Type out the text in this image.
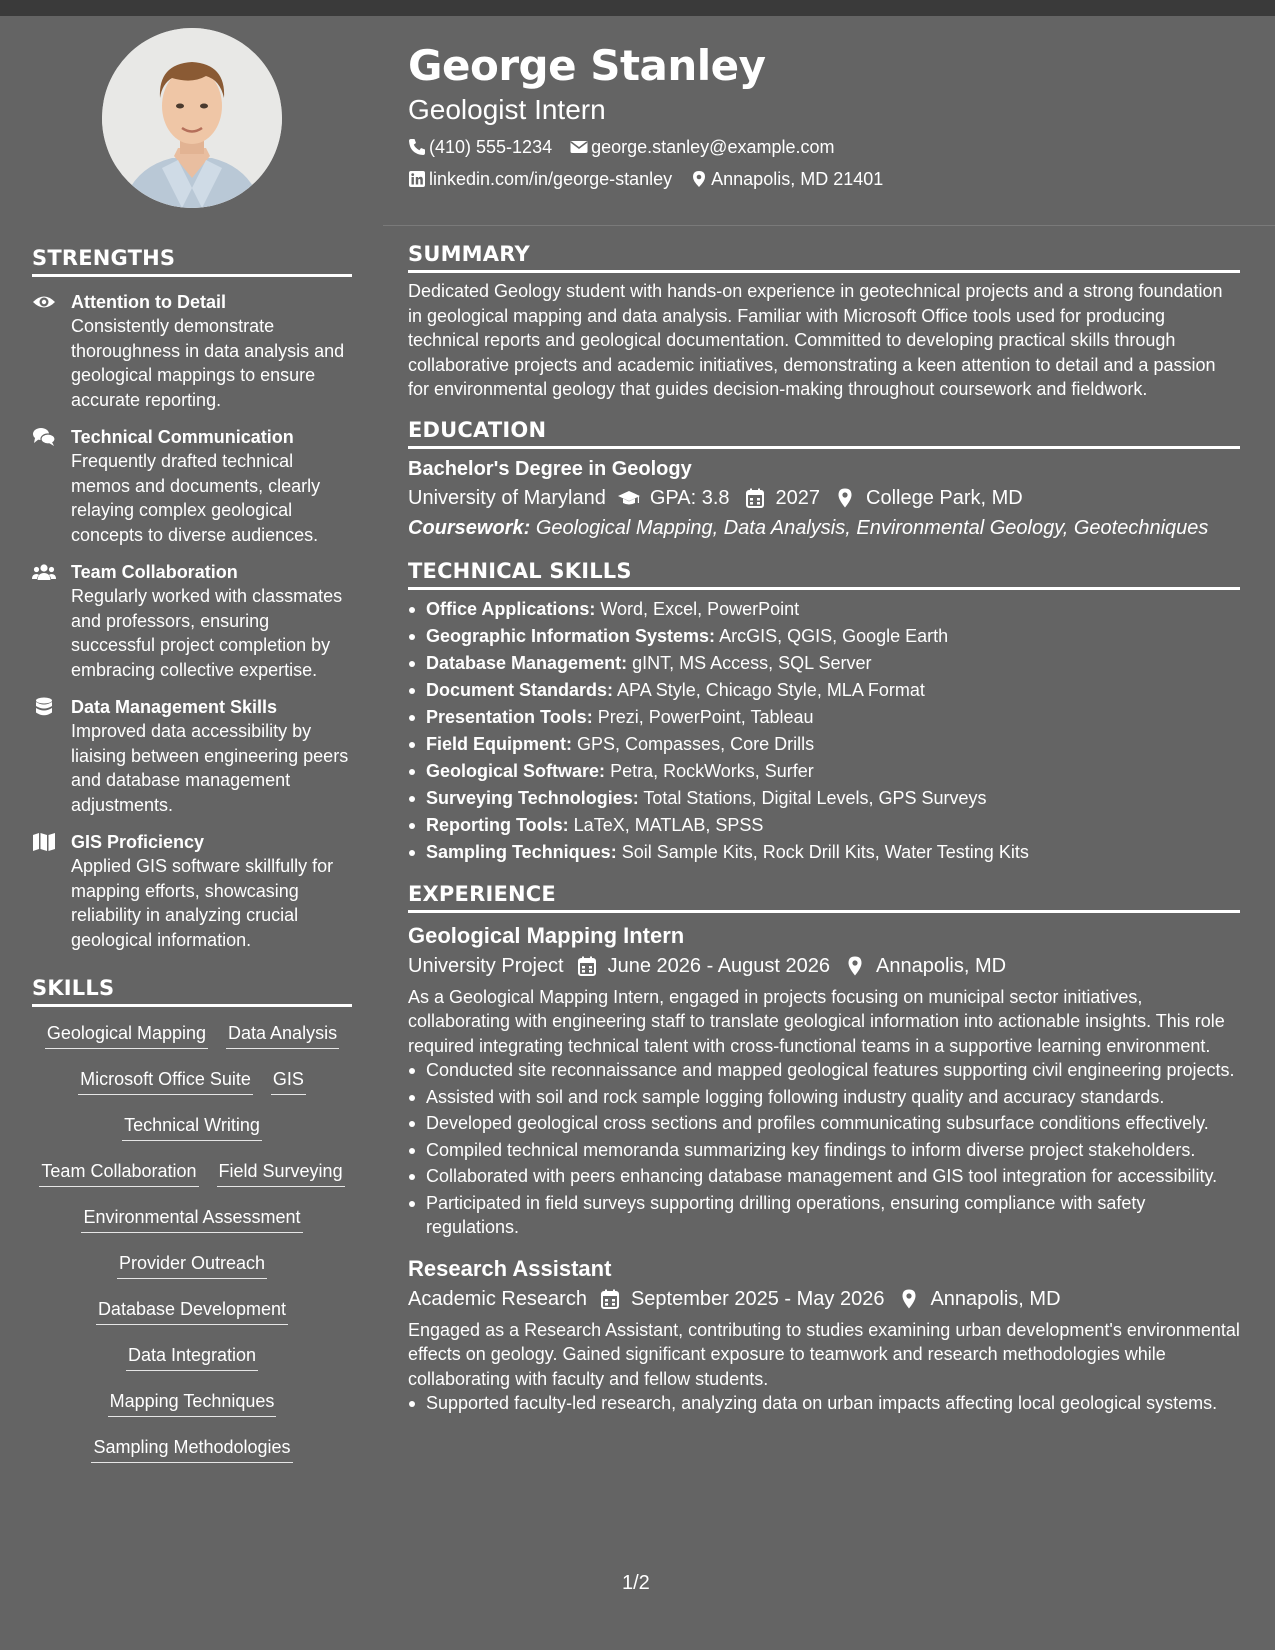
STRENGTHS
Attention to Detail
Consistently demonstrate thoroughness in data analysis and geological mappings to ensure accurate reporting.
Technical Communication
Frequently drafted technical memos and documents, clearly relaying complex geological concepts to diverse audiences.
Team Collaboration
Regularly worked with classmates and professors, ensuring successful project completion by embracing collective expertise.
Data Management Skills
Improved data accessibility by liaising between engineering peers and database management adjustments.
GIS Proficiency
Applied GIS software skillfully for mapping efforts, showcasing reliability in analyzing crucial geological information.
SKILLS
Geological Mapping Data Analysis
Microsoft Office Suite GIS
Technical Writing
Team Collaboration Field Surveying
Environmental Assessment
Provider Outreach
Database Development
Data Integration
Mapping Techniques
Sampling Methodologies
George Stanley
Geologist Intern
(410) 555-1234 george.stanley@example.com
linkedin.com/in/george-stanley Annapolis, MD 21401
SUMMARY
Dedicated Geology student with hands-on experience in geotechnical projects and a strong foundation in geological mapping and data analysis. Familiar with Microsoft Office tools used for producing technical reports and geological documentation. Committed to developing practical skills through collaborative projects and academic initiatives, demonstrating a keen attention to detail and a passion for environmental geology that guides decision-making throughout coursework and fieldwork.
EDUCATION
Bachelor's Degree in Geology
University of Maryland GPA: 3.8 2027 College Park, MD
Coursework: Geological Mapping, Data Analysis, Environmental Geology, Geotechniques
TECHNICAL SKILLS
Office Applications: Word, Excel, PowerPoint
Geographic Information Systems: ArcGIS, QGIS, Google Earth
Database Management: gINT, MS Access, SQL Server
Document Standards: APA Style, Chicago Style, MLA Format
Presentation Tools: Prezi, PowerPoint, Tableau
Field Equipment: GPS, Compasses, Core Drills
Geological Software: Petra, RockWorks, Surfer
Surveying Technologies: Total Stations, Digital Levels, GPS Surveys
Reporting Tools: LaTeX, MATLAB, SPSS
Sampling Techniques: Soil Sample Kits, Rock Drill Kits, Water Testing Kits
EXPERIENCE
Geological Mapping Intern
University Project June 2026 - August 2026 Annapolis, MD
As a Geological Mapping Intern, engaged in projects focusing on municipal sector initiatives, collaborating with engineering staff to translate geological information into actionable insights. This role required integrating technical talent with cross-functional teams in a supportive learning environment.
Conducted site reconnaissance and mapped geological features supporting civil engineering projects.
Assisted with soil and rock sample logging following industry quality and accuracy standards.
Developed geological cross sections and profiles communicating subsurface conditions effectively.
Compiled technical memoranda summarizing key findings to inform diverse project stakeholders.
Collaborated with peers enhancing database management and GIS tool integration for accessibility.
Participated in field surveys supporting drilling operations, ensuring compliance with safety regulations.
Research Assistant
Academic Research September 2025 - May 2026 Annapolis, MD
Engaged as a Research Assistant, contributing to studies examining urban development's environmental effects on geology. Gained significant exposure to teamwork and research methodologies while collaborating with faculty and fellow students.
Supported faculty-led research, analyzing data on urban impacts affecting local geological systems.
1/2
